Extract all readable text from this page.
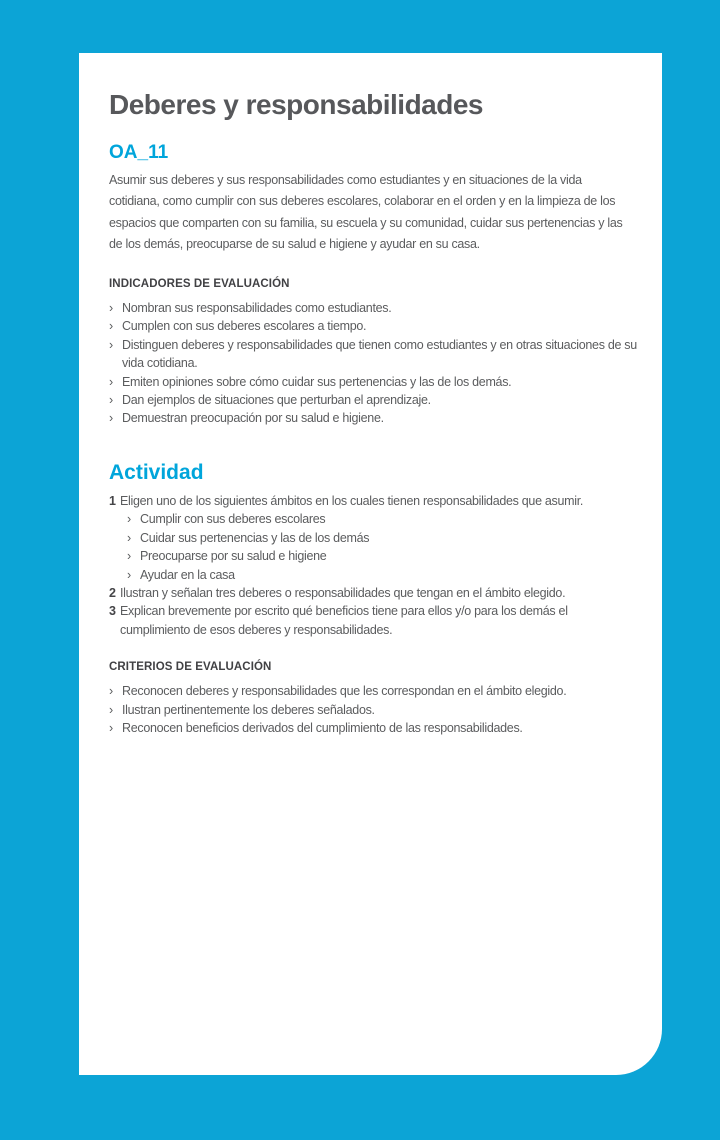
Deberes y responsabilidades
OA_11
Asumir sus deberes y sus responsabilidades como estudiantes y en situaciones de la vida cotidiana, como cumplir con sus deberes escolares, colaborar en el orden y en la limpieza de los espacios que comparten con su familia, su escuela y su comunidad, cuidar sus pertenencias y las de los demás, preocuparse de su salud e higiene y ayudar en su casa.
INDICADORES DE EVALUACIÓN
› Nombran sus responsabilidades como estudiantes.
› Cumplen con sus deberes escolares a tiempo.
› Distinguen deberes y responsabilidades que tienen como estudiantes y en otras situaciones de su vida cotidiana.
› Emiten opiniones sobre cómo cuidar sus pertenencias y las de los demás.
› Dan ejemplos de situaciones que perturban el aprendizaje.
› Demuestran preocupación por su salud e higiene.
Actividad
1 Eligen uno de los siguientes ámbitos en los cuales tienen responsabilidades que asumir.
› Cumplir con sus deberes escolares
› Cuidar sus pertenencias y las de los demás
› Preocuparse por su salud e higiene
› Ayudar en la casa
2 Ilustran y señalan tres deberes o responsabilidades que tengan en el ámbito elegido.
3 Explican brevemente por escrito qué beneficios tiene para ellos y/o para los demás el cumplimiento de esos deberes y responsabilidades.
CRITERIOS DE EVALUACIÓN
› Reconocen deberes y responsabilidades que les correspondan en el ámbito elegido.
› Ilustran pertinentemente los deberes señalados.
› Reconocen beneficios derivados del cumplimiento de las responsabilidades.
